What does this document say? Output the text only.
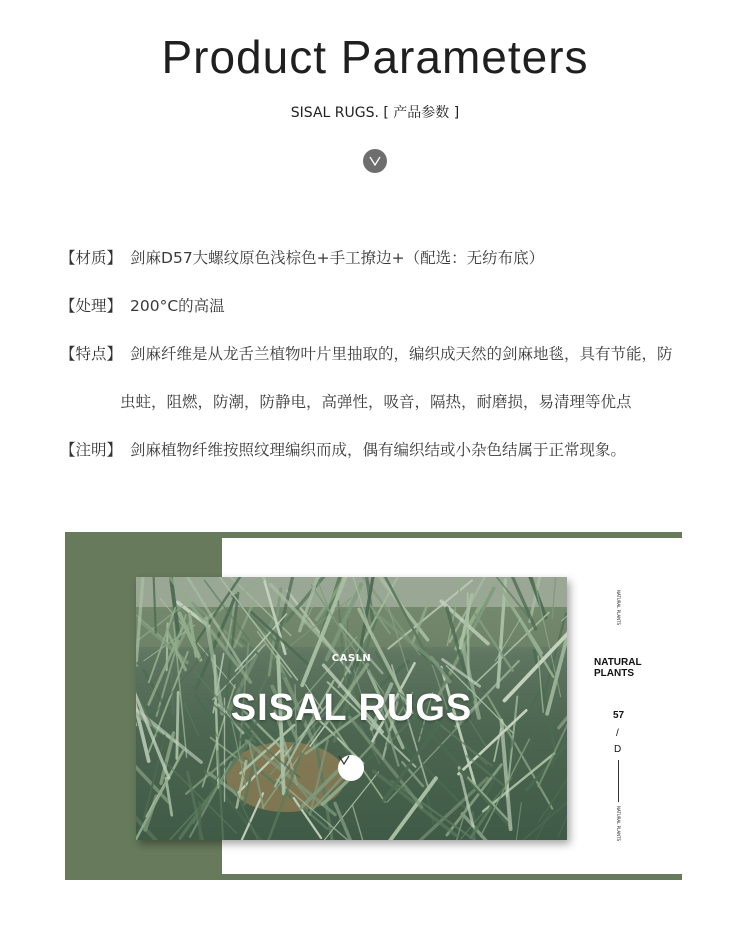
Product Parameters
SISAL RUGS. [ 产品参数 ]
【材质】 剑麻D57大螺纹原色浅棕色+手工撩边+（配选：无纺布底）
【处理】 200°C的高温
【特点】 剑麻纤维是从龙舌兰植物叶片里抽取的，编织成天然的剑麻地毯，具有节能，防
虫蛀，阻燃，防潮，防静电，高弹性，吸音，隔热，耐磨损，易清理等优点
【注明】 剑麻植物纤维按照纹理编织而成，偶有编织结或小杂色结属于正常现象。
CASLN
SISAL RUGS
NATURAL PLANTS
NATURAL PLANTS
57
/
D
NATURAL PLANTS
